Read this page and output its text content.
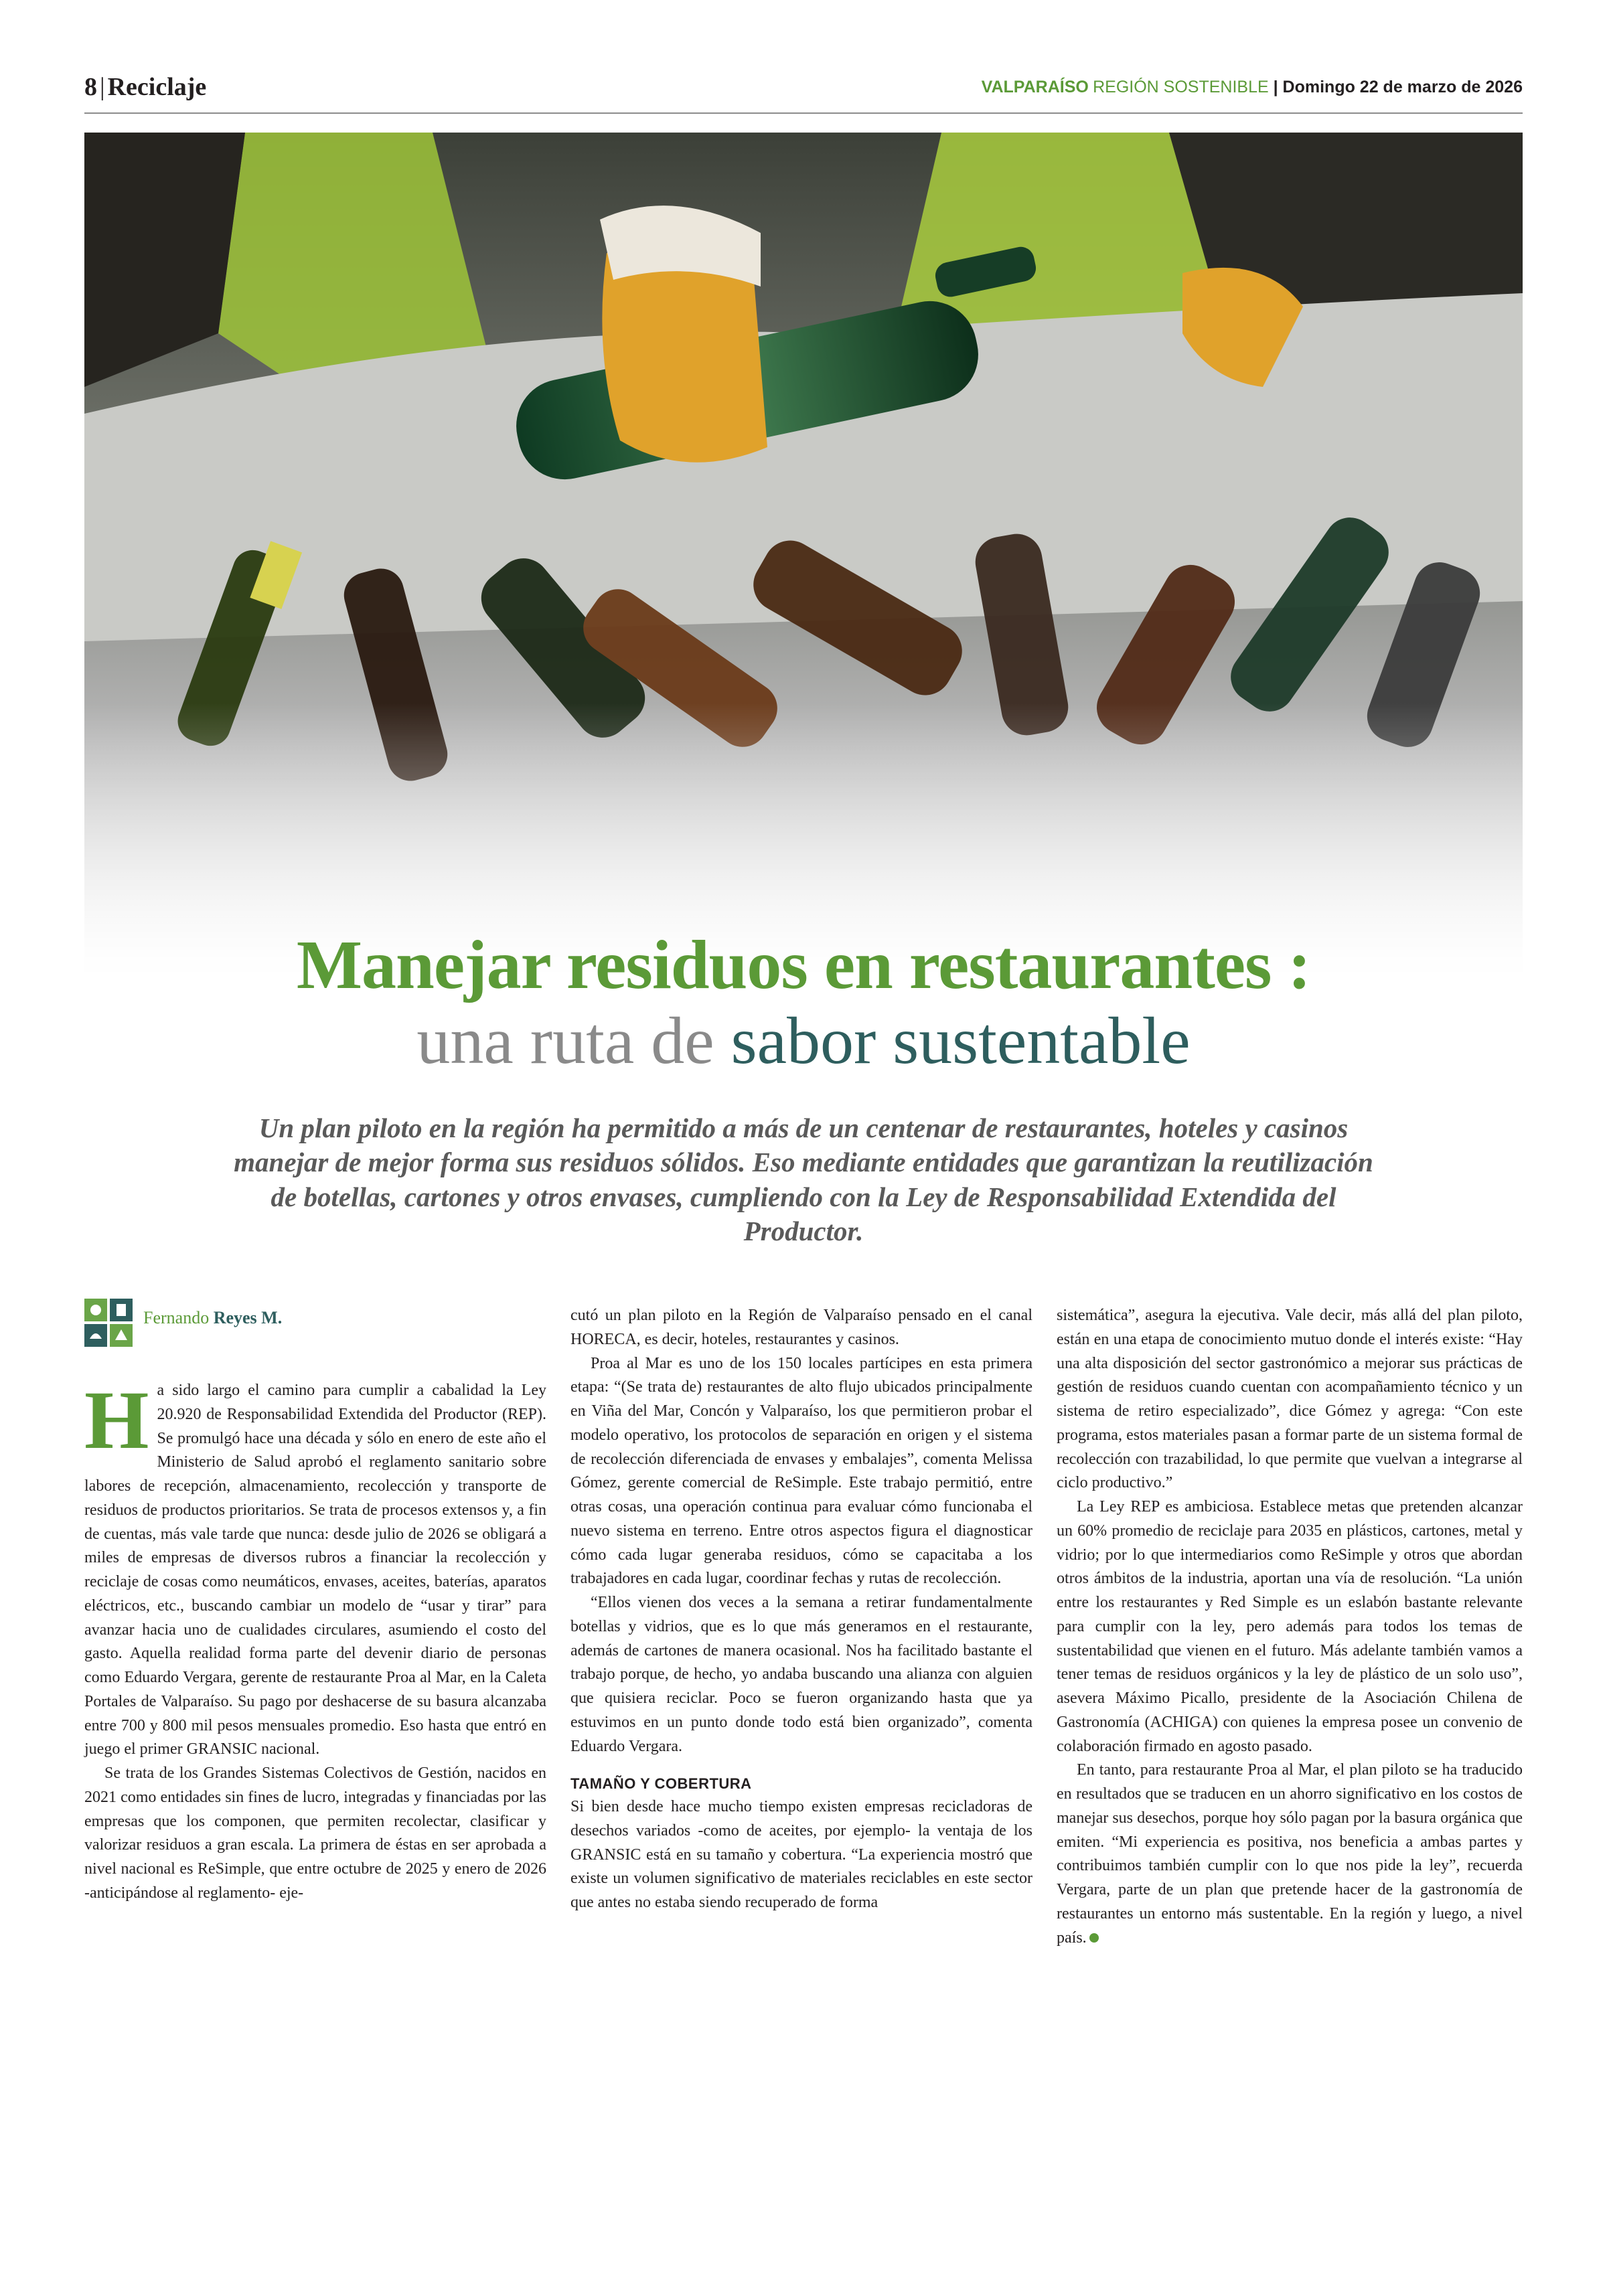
8 | Reciclaje	VALPARAÍSO REGIÓN SOSTENIBLE | Domingo 22 de marzo de 2026
Manejar residuos en restaurantes :
una ruta de sabor sustentable
Un plan piloto en la región ha permitido a más de un centenar de restaurantes, hoteles y casinos manejar de mejor forma sus residuos sólidos. Eso mediante entidades que garantizan la reutilización de botellas, cartones y otros envases, cumpliendo con la Ley de Responsabilidad Extendida del Productor.
Fernando Reyes M.

Ha sido largo el camino para cumplir a cabalidad la Ley 20.920 de Responsabilidad Extendida del Productor (REP). Se promulgó hace una década y sólo en enero de este año el Ministerio de Salud aprobó el reglamento sanitario sobre labores de recepción, almacenamiento, recolección y transporte de residuos de productos prioritarios. Se trata de procesos extensos y, a fin de cuentas, más vale tarde que nunca: desde julio de 2026 se obligará a miles de empresas de diversos rubros a financiar la recolección y reciclaje de cosas como neumáticos, envases, aceites, baterías, aparatos eléctricos, etc., buscando cambiar un modelo de “usar y tirar” para avanzar hacia uno de cualidades circulares, asumiendo el costo del gasto. Aquella realidad forma parte del devenir diario de personas como Eduardo Vergara, gerente de restaurante Proa al Mar, en la Caleta Portales de Valparaíso. Su pago por deshacerse de su basura alcanzaba entre 700 y 800 mil pesos mensuales promedio. Eso hasta que entró en juego el primer GRANSIC nacional.

Se trata de los Grandes Sistemas Colectivos de Gestión, nacidos en 2021 como entidades sin fines de lucro, integradas y financiadas por las empresas que los componen, que permiten recolectar, clasificar y valorizar residuos a gran escala. La primera de éstas en ser aprobada a nivel nacional es ReSimple, que entre octubre de 2025 y enero de 2026 -anticipándose al reglamento- eje-

cutó un plan piloto en la Región de Valparaíso pensado en el canal HORECA, es decir, hoteles, restaurantes y casinos.

Proa al Mar es uno de los 150 locales partícipes en esta primera etapa: “(Se trata de) restaurantes de alto flujo ubicados principalmente en Viña del Mar, Concón y Valparaíso, los que permitieron probar el modelo operativo, los protocolos de separación en origen y el sistema de recolección diferenciada de envases y embalajes”, comenta Melissa Gómez, gerente comercial de ReSimple. Este trabajo permitió, entre otras cosas, una operación continua para evaluar cómo funcionaba el nuevo sistema en terreno. Entre otros aspectos figura el diagnosticar cómo cada lugar generaba residuos, cómo se capacitaba a los trabajadores en cada lugar, coordinar fechas y rutas de recolección.

“Ellos vienen dos veces a la semana a retirar fundamentalmente botellas y vidrios, que es lo que más generamos en el restaurante, además de cartones de manera ocasional. Nos ha facilitado bastante el trabajo porque, de hecho, yo andaba buscando una alianza con alguien que quisiera reciclar. Poco se fueron organizando hasta que ya estuvimos en un punto donde todo está bien organizado”, comenta Eduardo Vergara.

TAMAÑO Y COBERTURA

Si bien desde hace mucho tiempo existen empresas recicladoras de desechos variados -como de aceites, por ejemplo- la ventaja de los GRANSIC está en su tamaño y cobertura. “La experiencia mostró que existe un volumen significativo de materiales reciclables en este sector que antes no estaba siendo recuperado de forma

sistemática”, asegura la ejecutiva. Vale decir, más allá del plan piloto, están en una etapa de conocimiento mutuo donde el interés existe: “Hay una alta disposición del sector gastronómico a mejorar sus prácticas de gestión de residuos cuando cuentan con acompañamiento técnico y un sistema de retiro especializado”, dice Gómez y agrega: “Con este programa, estos materiales pasan a formar parte de un sistema formal de recolección con trazabilidad, lo que permite que vuelvan a integrarse al ciclo productivo.”

La Ley REP es ambiciosa. Establece metas que pretenden alcanzar un 60% promedio de reciclaje para 2035 en plásticos, cartones, metal y vidrio; por lo que intermediarios como ReSimple y otros que abordan otros ámbitos de la industria, aportan una vía de resolución. “La unión entre los restaurantes y Red Simple es un eslabón bastante relevante para cumplir con la ley, pero además para todos los temas de sustentabilidad que vienen en el futuro. Más adelante también vamos a tener temas de residuos orgánicos y la ley de plástico de un solo uso”, asevera Máximo Picallo, presidente de la Asociación Chilena de Gastronomía (ACHIGA) con quienes la empresa posee un convenio de colaboración firmado en agosto pasado.

En tanto, para restaurante Proa al Mar, el plan piloto se ha traducido en resultados que se traducen en un ahorro significativo en los costos de manejar sus desechos, porque hoy sólo pagan por la basura orgánica que emiten. “Mi experiencia es positiva, nos beneficia a ambas partes y contribuimos también cumplir con lo que nos pide la ley”, recuerda Vergara, parte de un plan que pretende hacer de la gastronomía de restaurantes un entorno más sustentable. En la región y luego, a nivel país.
